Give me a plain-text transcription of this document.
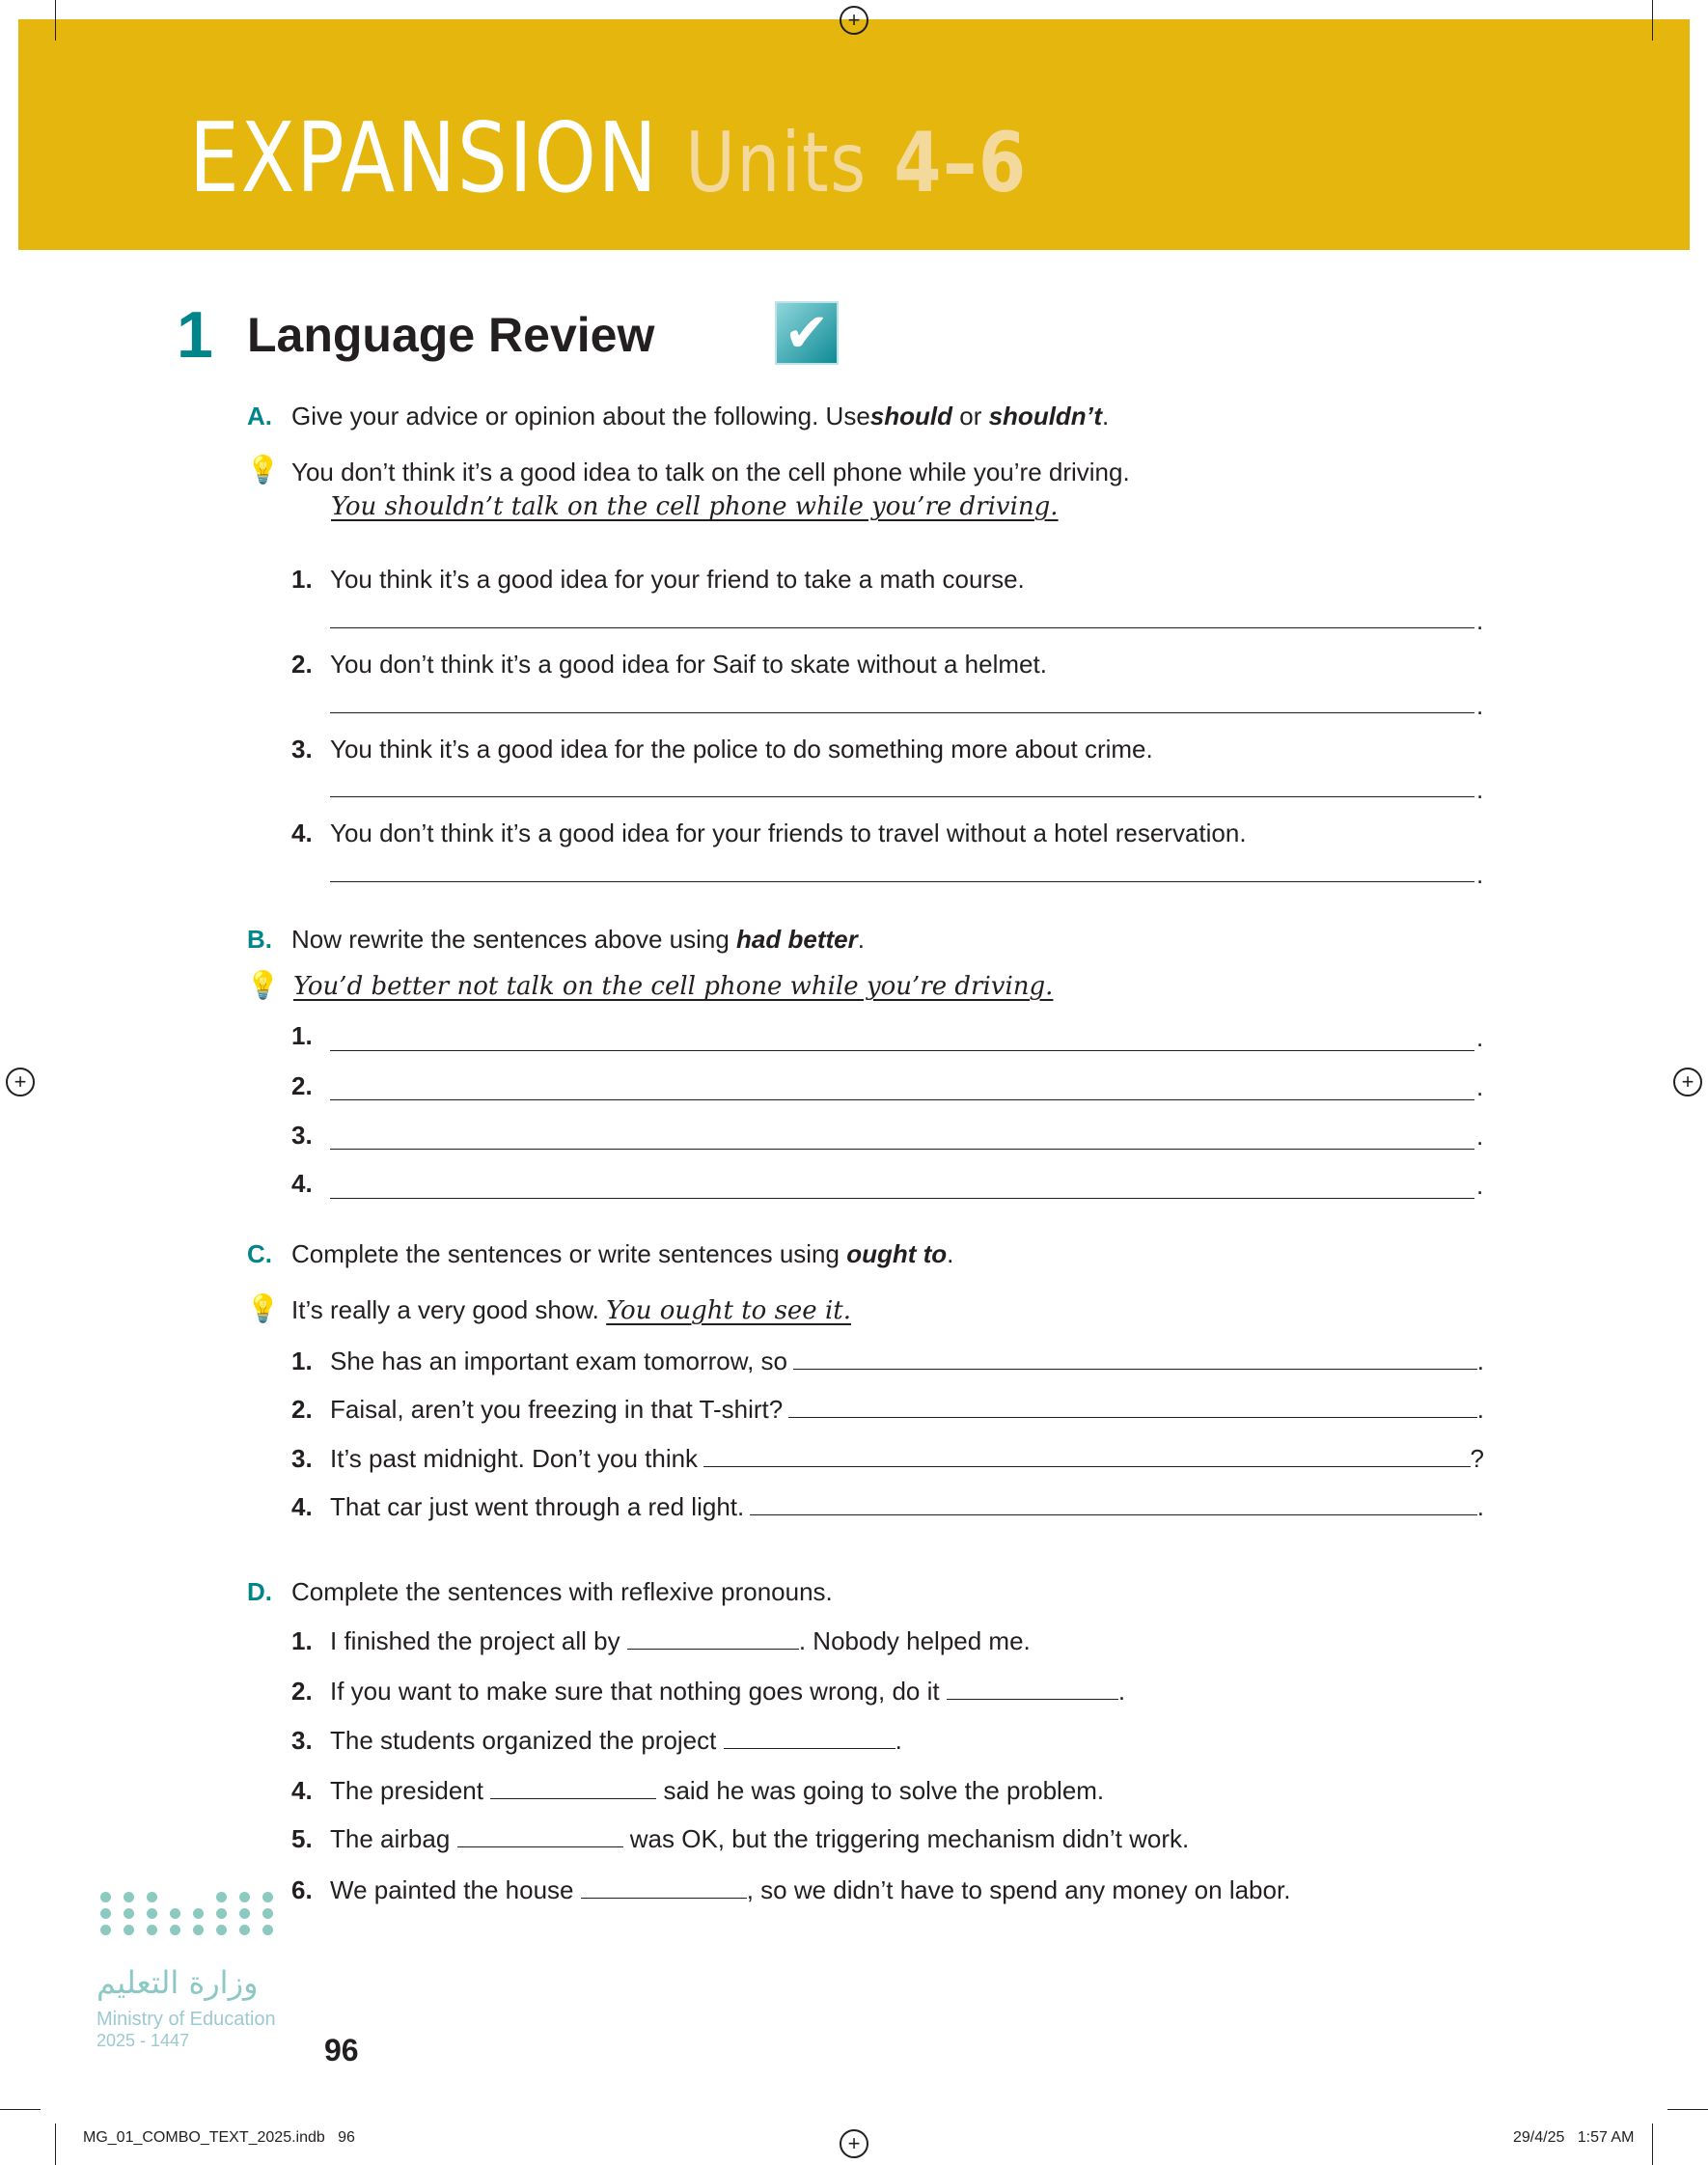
+
EXPANSION Units 4–6
1 Language Review ✔
A. Give your advice or opinion about the following. Use should or shouldn’t .
💡 You don’t think it’s a good idea to talk on the cell phone while you’re driving.
You shouldn’t talk on the cell phone while you’re driving.
1. You think it’s a good idea for your friend to take a math course.
.
2. You don’t think it’s a good idea for Saif to skate without a helmet.
.
3. You think it’s a good idea for the police to do something more about crime.
.
4. You don’t think it’s a good idea for your friends to travel without a hotel reservation.
.
B. Now rewrite the sentences above using had better .
💡 You’d better not talk on the cell phone while you’re driving.
1.	.
2.	.
3.	.
4.	.
C. Complete the sentences or write sentences using ought to .
💡 It’s really a very good show.
You ought to see it.
1. She has an important exam tomorrow, so	.
2. Faisal, aren’t you freezing in that T-shirt?	.
3. It’s past midnight. Don’t you think	?
4. That car just went through a red light.	.
D. Complete the sentences with reflexive pronouns.
1. I finished the project all by	. Nobody helped me.
2. If you want to make sure that nothing goes wrong, do it	.
3. The students organized the project	.
4. The president	said he was going to solve the problem.
5. The airbag	was OK, but the triggering mechanism didn’t work.
6. We painted the house	, so we didn’t have to spend any money on labor.
+	+
وزارة التعليم
Ministry of Education
2025 - 1447	96
MG_01_COMBO_TEXT_2025.indb   96	+	29/4/25   1:57 AM
